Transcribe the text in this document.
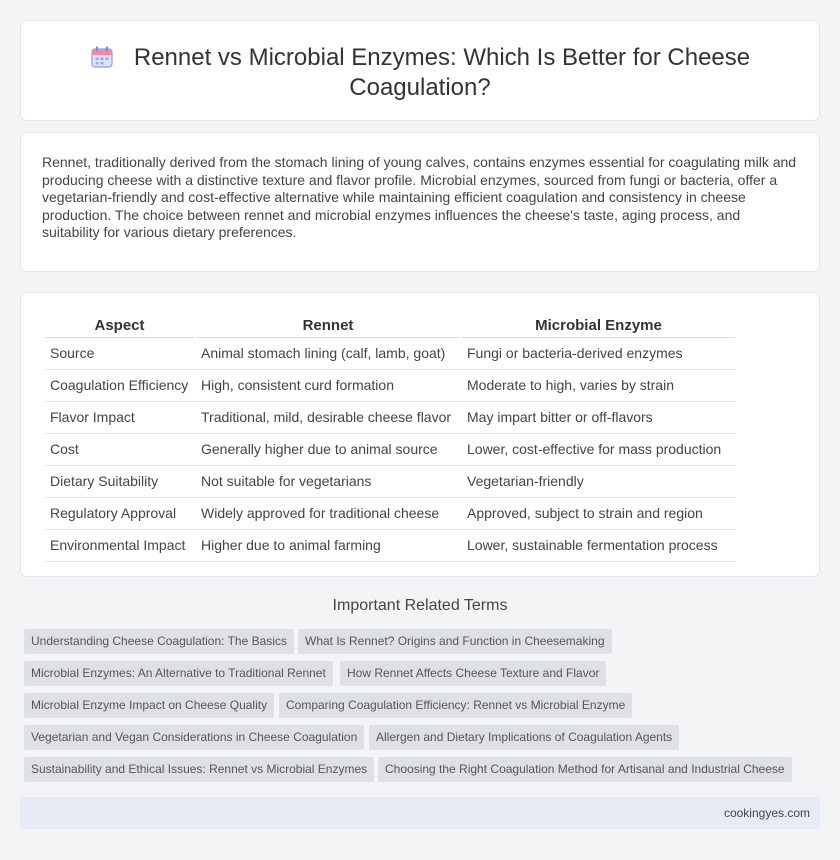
Rennet vs Microbial Enzymes: Which Is Better for Cheese
Coagulation?

Rennet, traditionally derived from the stomach lining of young calves, contains enzymes essential for coagulating milk and producing cheese with a distinctive texture and flavor profile. Microbial enzymes, sourced from fungi or bacteria, offer a vegetarian-friendly and cost-effective alternative while maintaining efficient coagulation and consistency in cheese production. The choice between rennet and microbial enzymes influences the cheese's taste, aging process, and suitability for various dietary preferences.

Aspect	Rennet	Microbial Enzyme
Source	Animal stomach lining (calf, lamb, goat)	Fungi or bacteria-derived enzymes
Coagulation Efficiency	High, consistent curd formation	Moderate to high, varies by strain
Flavor Impact	Traditional, mild, desirable cheese flavor	May impart bitter or off-flavors
Cost	Generally higher due to animal source	Lower, cost-effective for mass production
Dietary Suitability	Not suitable for vegetarians	Vegetarian-friendly
Regulatory Approval	Widely approved for traditional cheese	Approved, subject to strain and region
Environmental Impact	Higher due to animal farming	Lower, sustainable fermentation process
Important Related Terms
Understanding Cheese Coagulation: The Basics	What Is Rennet? Origins and Function in Cheesemaking
Microbial Enzymes: An Alternative to Traditional Rennet	How Rennet Affects Cheese Texture and Flavor
Microbial Enzyme Impact on Cheese Quality	Comparing Coagulation Efficiency: Rennet vs Microbial Enzyme
Vegetarian and Vegan Considerations in Cheese Coagulation	Allergen and Dietary Implications of Coagulation Agents
Sustainability and Ethical Issues: Rennet vs Microbial Enzymes	Choosing the Right Coagulation Method for Artisanal and Industrial Cheese
cookingyes.com
